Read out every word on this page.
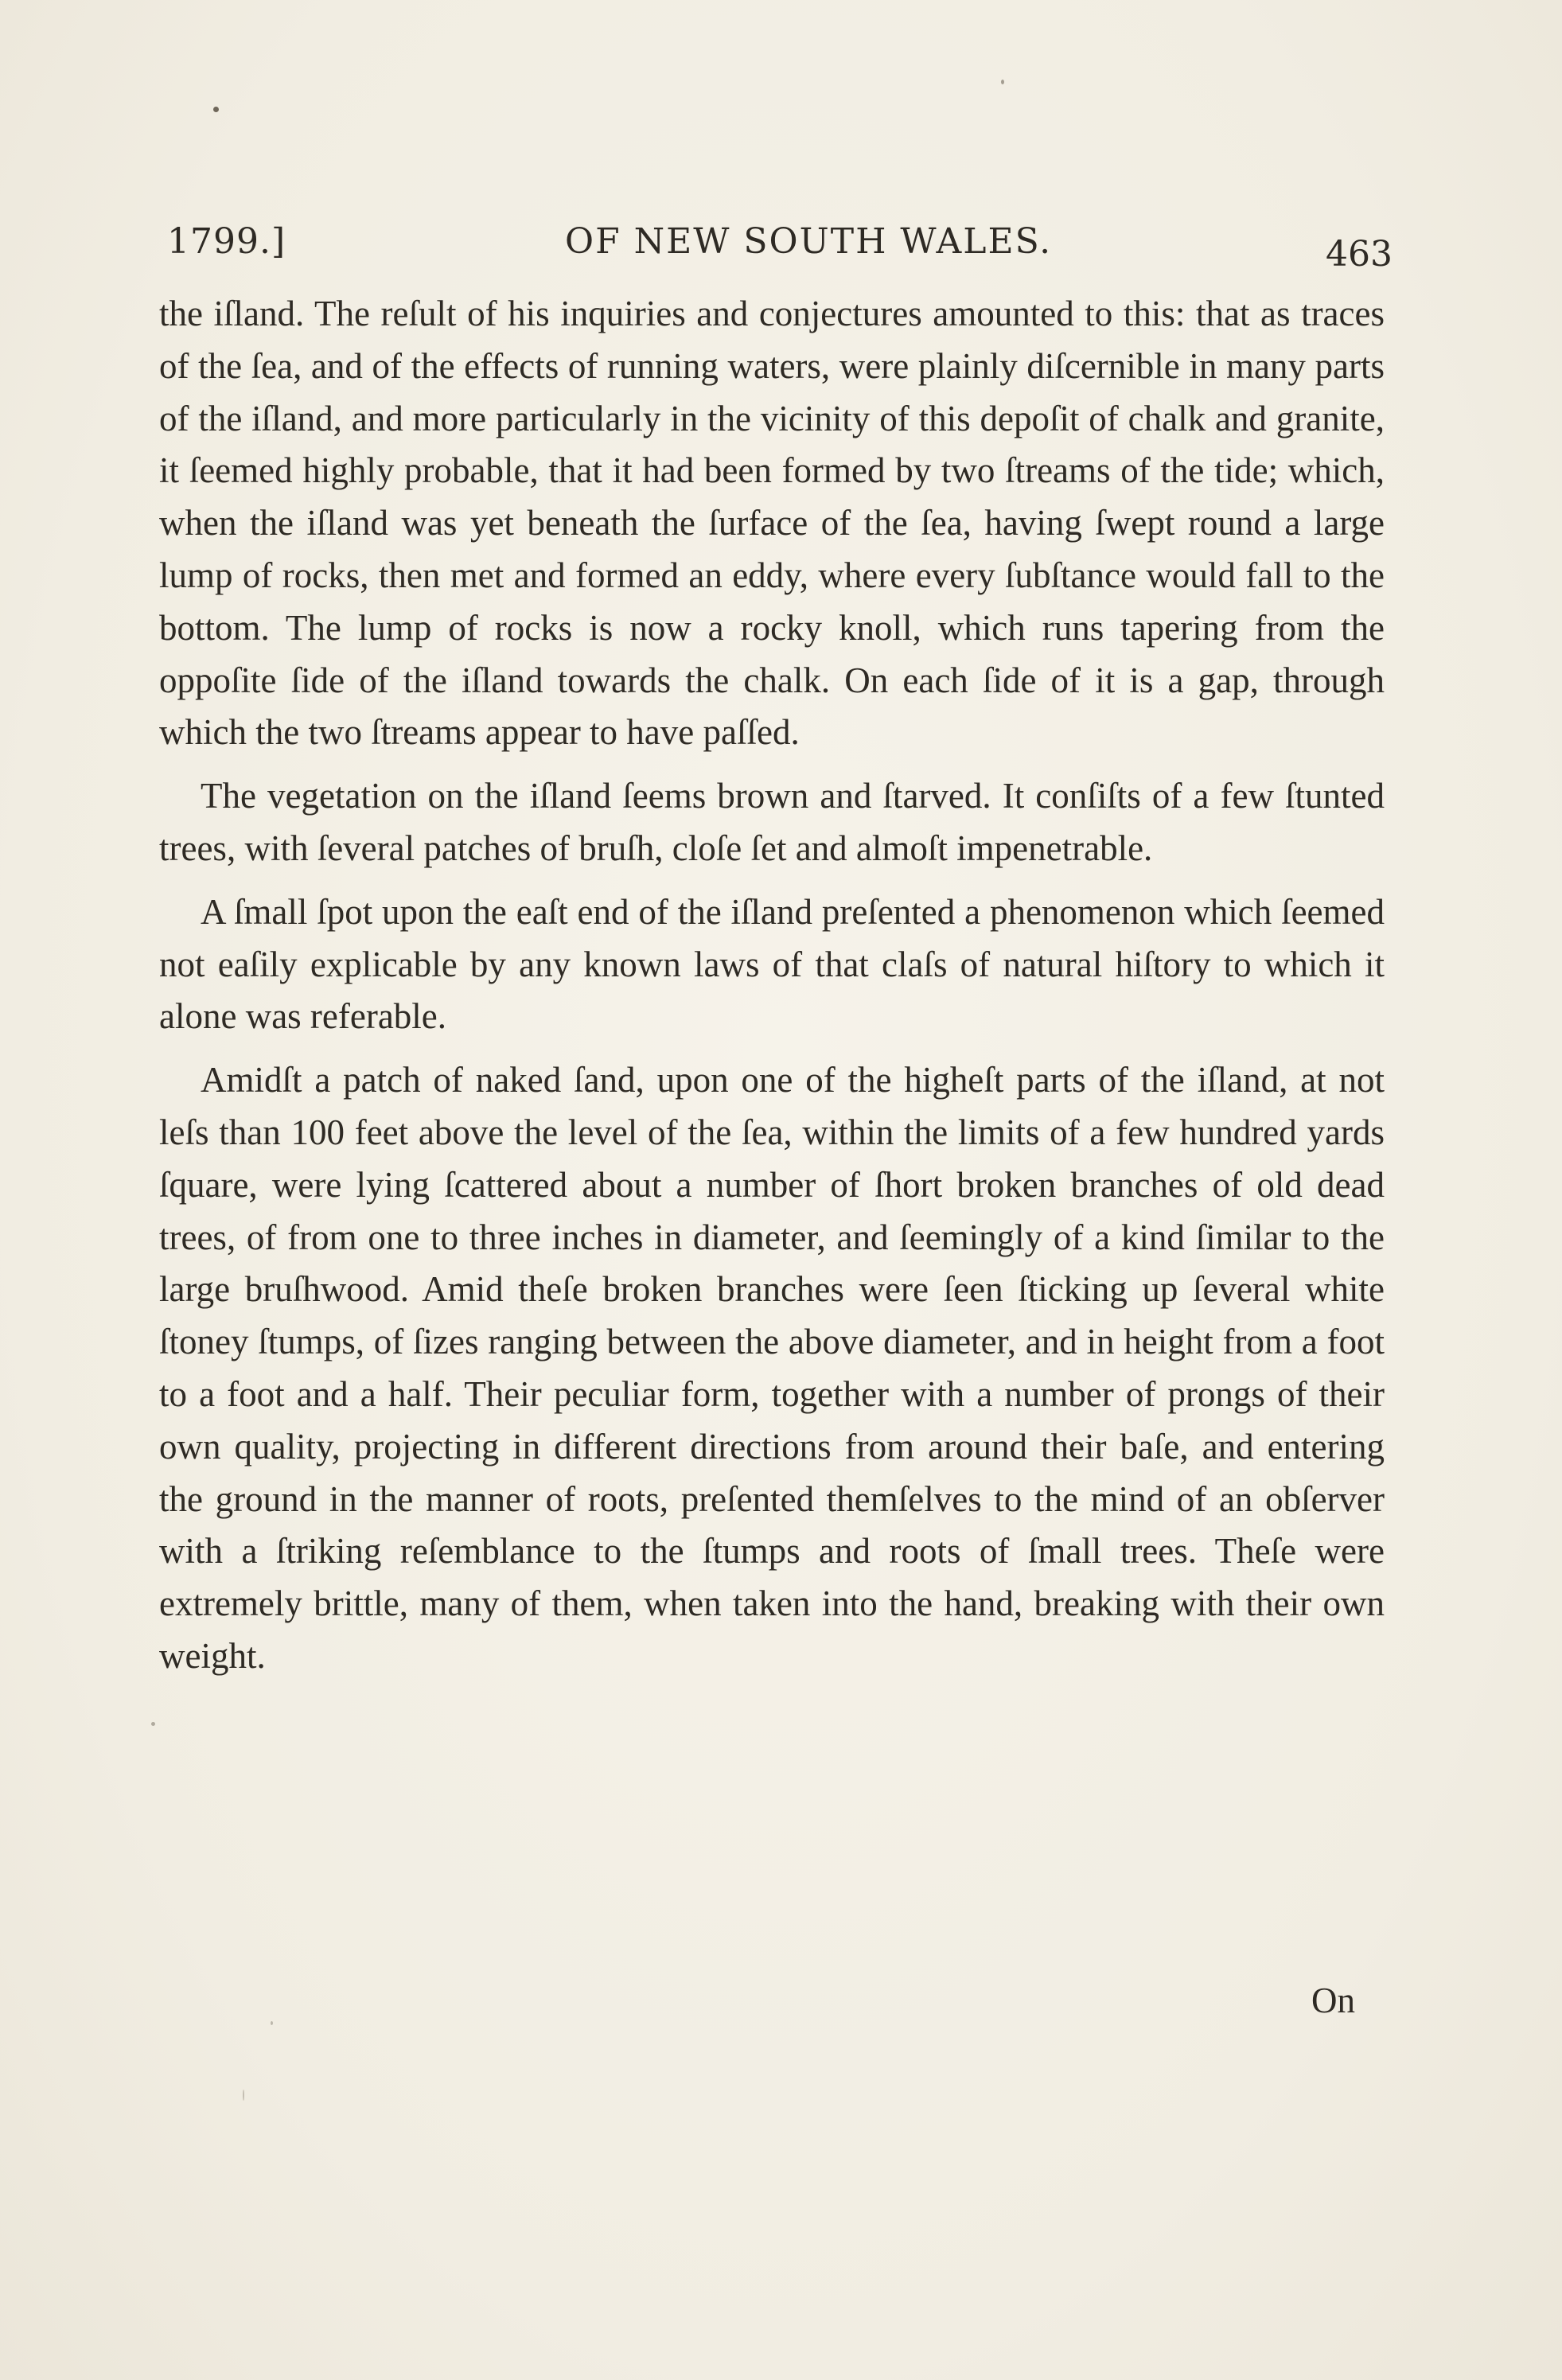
1799.]	OF NEW SOUTH WALES.	463

the iſland. The reſult of his inquiries and conjectures amounted to this: that as traces of the ſea, and of the effects of running waters, were plainly diſcernible in many parts of the iſland, and more particularly in the vicinity of this depoſit of chalk and granite, it ſeemed highly probable, that it had been formed by two ſtreams of the tide; which, when the iſland was yet beneath the ſurface of the ſea, having ſwept round a large lump of rocks, then met and formed an eddy, where every ſubſtance would fall to the bottom. The lump of rocks is now a rocky knoll, which runs tapering from the oppoſite ſide of the iſland towards the chalk. On each ſide of it is a gap, through which the two ſtreams appear to have paſſed.

The vegetation on the iſland ſeems brown and ſtarved. It conſiſts of a few ſtunted trees, with ſeveral patches of bruſh, cloſe ſet and almoſt impenetrable.

A ſmall ſpot upon the eaſt end of the iſland preſented a phenomenon which ſeemed not eaſily explicable by any known laws of that claſs of natural hiſtory to which it alone was referable.

Amidſt a patch of naked ſand, upon one of the higheſt parts of the iſland, at not leſs than 100 feet above the level of the ſea, within the limits of a few hundred yards ſquare, were lying ſcattered about a number of ſhort broken branches of old dead trees, of from one to three inches in diameter, and ſeemingly of a kind ſimilar to the large bruſhwood. Amid theſe broken branches were ſeen ſticking up ſeveral white ſtoney ſtumps, of ſizes ranging between the above diameter, and in height from a foot to a foot and a half. Their peculiar form, together with a number of prongs of their own quality, projecting in different directions from around their baſe, and entering the ground in the manner of roots, preſented themſelves to the mind of an obſerver with a ſtriking reſemblance to the ſtumps and roots of ſmall trees. Theſe were extremely brittle, many of them, when taken into the hand, breaking with their own weight.

On
